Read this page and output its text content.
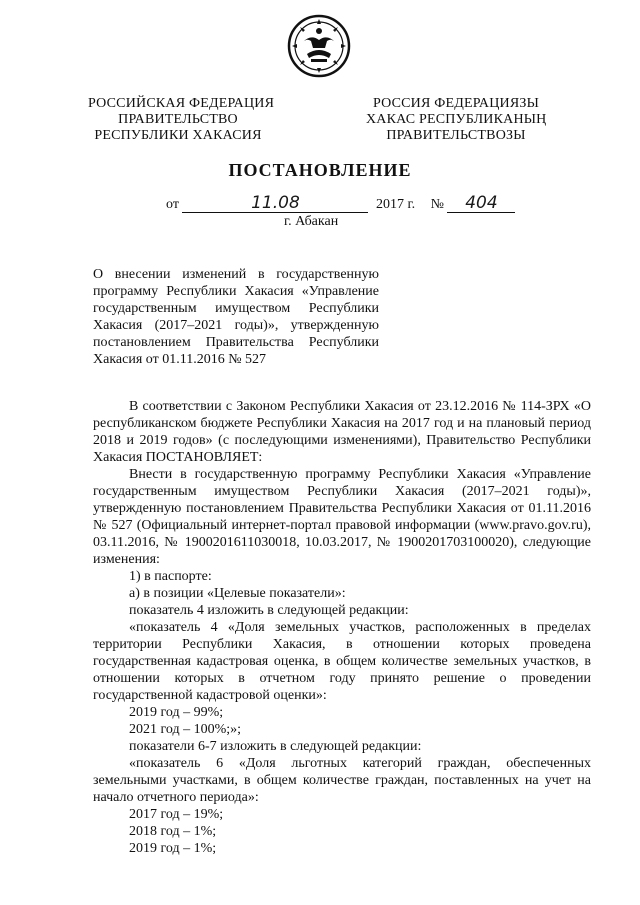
РОССИЙСКАЯ ФЕДЕРАЦИЯ
ПРАВИТЕЛЬСТВО
РЕСПУБЛИКИ ХАКАСИЯ
РОССИЯ ФЕДЕРАЦИЯЗЫ
ХАКАС РЕСПУБЛИКАНЫҢ
ПРАВИТЕЛЬСТВОЗЫ
ПОСТАНОВЛЕНИЕ
от	11.08	2017 г. № 404
г. Абакан
О внесении изменений в государственную программу Республики Хакасия «Управление государственным имуществом Республики Хакасия (2017–2021 годы)», утвержденную постановлением Правительства Республики Хакасия от 01.11.2016 № 527

В соответствии с Законом Республики Хакасия от 23.12.2016 № 114-ЗРХ «О республиканском бюджете Республики Хакасия на 2017 год и на плановый период 2018 и 2019 годов» (с последующими изменениями), Правительство Республики Хакасия ПОСТАНОВЛЯЕТ:

Внести в государственную программу Республики Хакасия «Управление государственным имуществом Республики Хакасия (2017–2021 годы)», утвержденную постановлением Правительства Республики Хакасия от 01.11.2016 № 527 (Официальный интернет-портал правовой информации (www.pravo.gov.ru), 03.11.2016, № 1900201611030018, 10.03.2017, № 1900201703100020), следующие изменения:

1) в паспорте:

а) в позиции «Целевые показатели»:

показатель 4 изложить в следующей редакции:

«показатель 4 «Доля земельных участков, расположенных в пределах территории Республики Хакасия, в отношении которых проведена государственная кадастровая оценка, в общем количестве земельных участков, в отношении которых в отчетном году принято решение о проведении государственной кадастровой оценки»:

2019 год – 99%;

2021 год – 100%;»;

показатели 6-7 изложить в следующей редакции:

«показатель 6 «Доля льготных категорий граждан, обеспеченных земельными участками, в общем количестве граждан, поставленных на учет на начало отчетного периода»:

2017 год – 19%;

2018 год – 1%;

2019 год – 1%;
